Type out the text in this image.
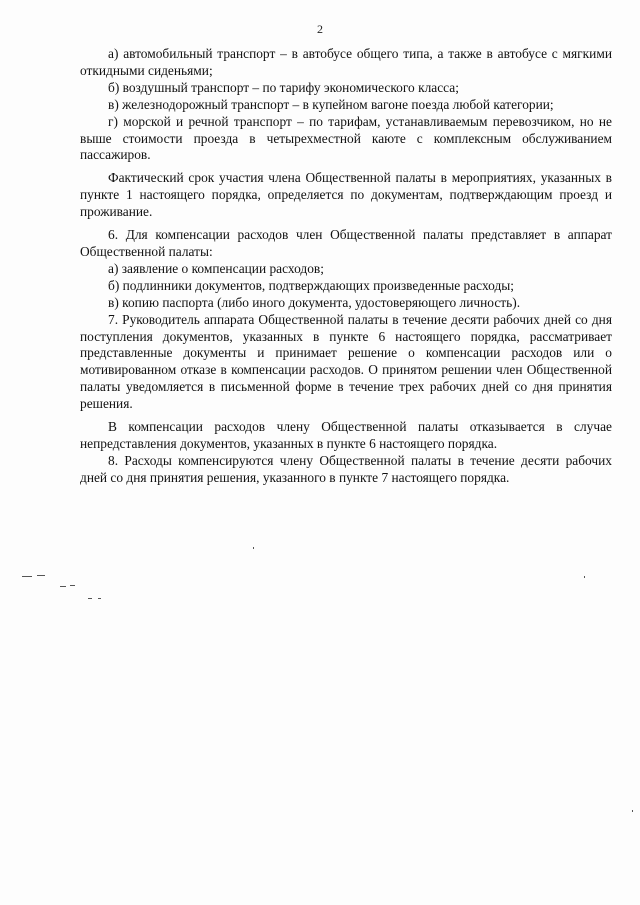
2

а) автомобильный транспорт – в автобусе общего типа, а также в автобусе с мягкими откидными сиденьями;

б) воздушный транспорт – по тарифу экономического класса;

в) железнодорожный транспорт – в купейном вагоне поезда любой категории;

г) морской и речной транспорт – по тарифам, устанавливаемым перевозчиком, но не выше стоимости проезда в четырехместной каюте с комплексным обслуживанием пассажиров.

Фактический срок участия члена Общественной палаты в мероприятиях, указанных в пункте 1 настоящего порядка, определяется по документам, подтверждающим проезд и проживание.

6. Для компенсации расходов член Общественной палаты представляет в аппарат Общественной палаты:

а) заявление о компенсации расходов;

б) подлинники документов, подтверждающих произведенные расходы;

в) копию паспорта (либо иного документа, удостоверяющего личность).

7. Руководитель аппарата Общественной палаты в течение десяти рабочих дней со дня поступления документов, указанных в пункте 6 настоящего порядка, рассматривает представленные документы и принимает решение о компенсации расходов или о мотивированном отказе в компенсации расходов. О принятом решении член Общественной палаты уведомляется в письменной форме в течение трех рабочих дней со дня принятия решения.

В компенсации расходов члену Общественной палаты отказывается в случае непредставления документов, указанных в пункте 6 настоящего порядка.

8. Расходы компенсируются члену Общественной палаты в течение десяти рабочих дней со дня принятия решения, указанного в пункте 7 настоящего порядка.
